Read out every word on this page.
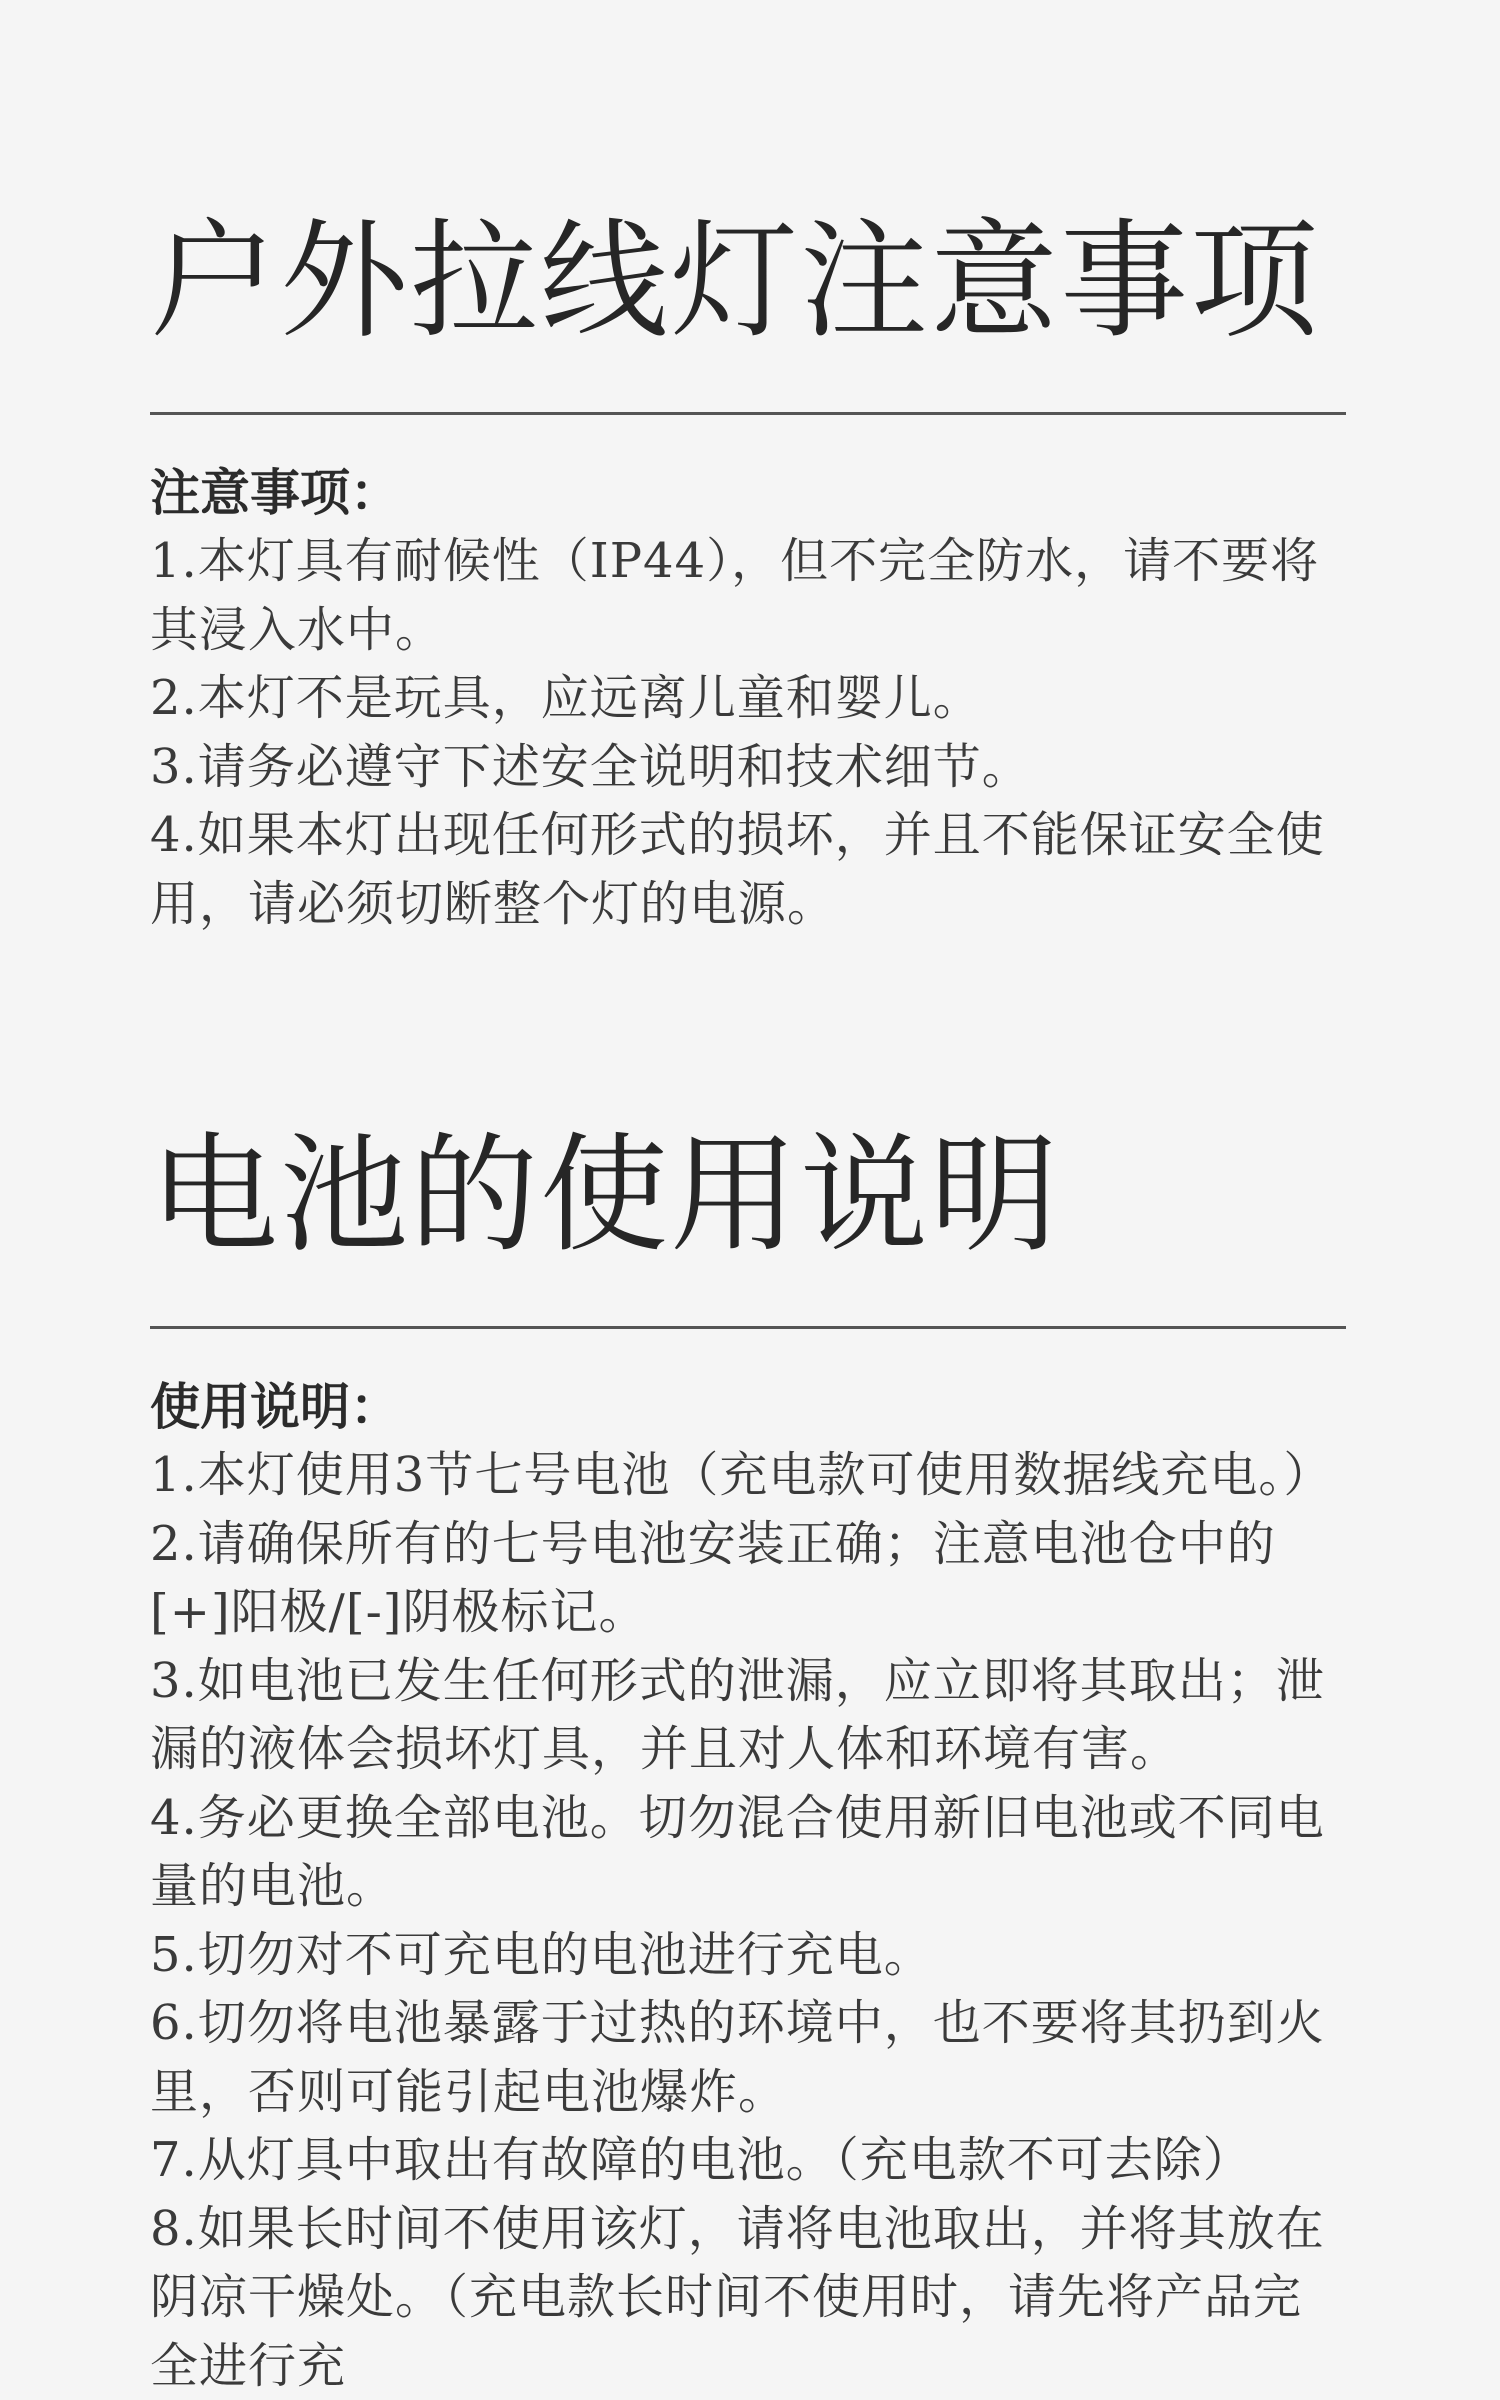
户外拉线灯注意事项

注意事项：

1.本灯具有耐候性（IP44），但不完全防水，请不要将其浸入水中。

2.本灯不是玩具，应远离儿童和婴儿。

3.请务必遵守下述安全说明和技术细节。

4.如果本灯出现任何形式的损坏，并且不能保证安全使用，请必须切断整个灯的电源。

电池的使用说明

使用说明：

1.本灯使用3节七号电池（充电款可使用数据线充电。）

2.请确保所有的七号电池安装正确；注意电池仓中的[+]阳极/[-]阴极标记。

3.如电池已发生任何形式的泄漏，应立即将其取出；泄漏的液体会损坏灯具，并且对人体和环境有害。

4.务必更换全部电池。切勿混合使用新旧电池或不同电量的电池。

5.切勿对不可充电的电池进行充电。

6.切勿将电池暴露于过热的环境中，也不要将其扔到火里，否则可能引起电池爆炸。

7.从灯具中取出有故障的电池。（充电款不可去除）

8.如果长时间不使用该灯，请将电池取出，并将其放在阴凉干燥处。（充电款长时间不使用时，请先将产品完全进行充
